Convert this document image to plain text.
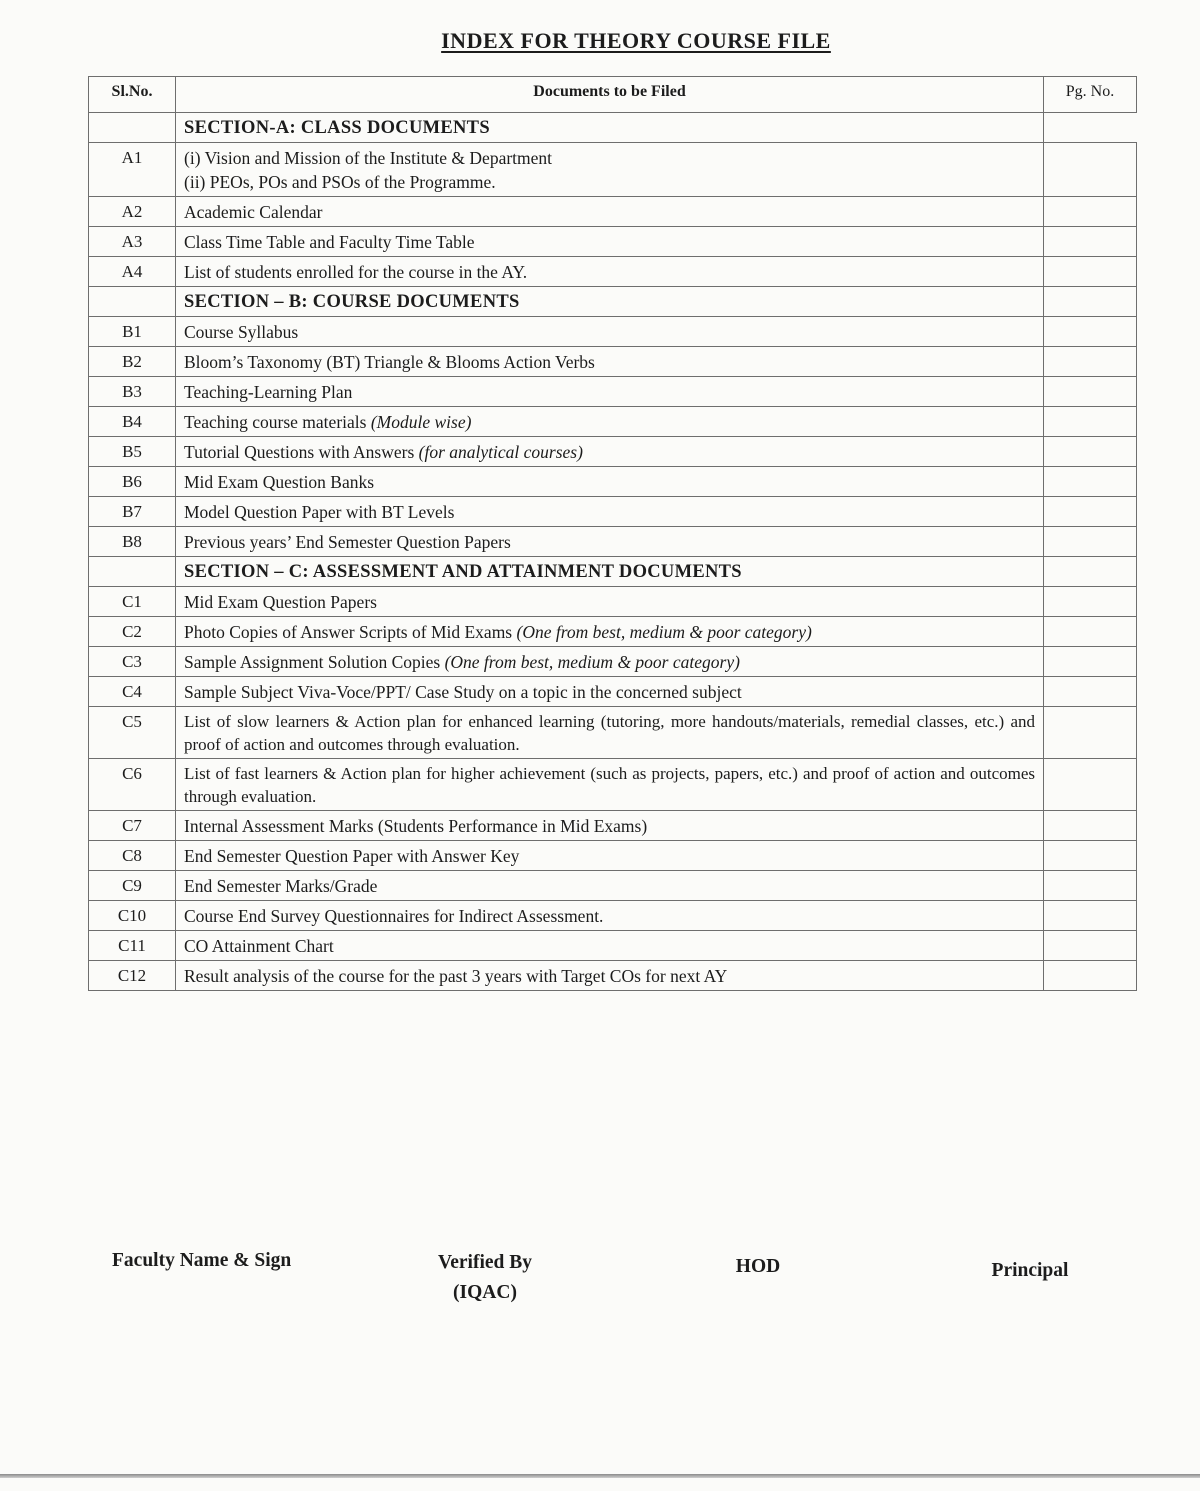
INDEX FOR THEORY COURSE FILE
Sl.No.	Documents to be Filed	Pg. No.
	SECTION-A: CLASS DOCUMENTS	
A1	(i) Vision and Mission of the Institute & Department
(ii) PEOs, POs and PSOs of the Programme.	
A2	Academic Calendar	
A3	Class Time Table and Faculty Time Table	
A4	List of students enrolled for the course in the AY.	
	SECTION – B: COURSE DOCUMENTS	
B1	Course Syllabus	
B2	Bloom’s Taxonomy (BT) Triangle & Blooms Action Verbs	
B3	Teaching-Learning Plan	
B4	Teaching course materials (Module wise)	
B5	Tutorial Questions with Answers (for analytical courses)	
B6	Mid Exam Question Banks	
B7	Model Question Paper with BT Levels	
B8	Previous years’ End Semester Question Papers	
	SECTION – C: ASSESSMENT AND ATTAINMENT DOCUMENTS	
C1	Mid Exam Question Papers	
C2	Photo Copies of Answer Scripts of Mid Exams (One from best, medium & poor category)	
C3	Sample Assignment Solution Copies (One from best, medium & poor category)	
C4	Sample Subject Viva-Voce/PPT/ Case Study on a topic in the concerned subject	
C5	List of slow learners & Action plan for enhanced learning (tutoring, more handouts/materials, remedial classes, etc.) and proof of action and outcomes through evaluation.	
C6	List of fast learners & Action plan for higher achievement (such as projects, papers, etc.) and proof of action and outcomes through evaluation.	
C7	Internal Assessment Marks (Students Performance in Mid Exams)	
C8	End Semester Question Paper with Answer Key	
C9	End Semester Marks/Grade	
C10	Course End Survey Questionnaires for Indirect Assessment.	
C11	CO Attainment Chart	
C12	Result analysis of the course for the past 3 years with Target COs for next AY	
Faculty Name & Sign	Verified By
(IQAC)
HOD	Principal
